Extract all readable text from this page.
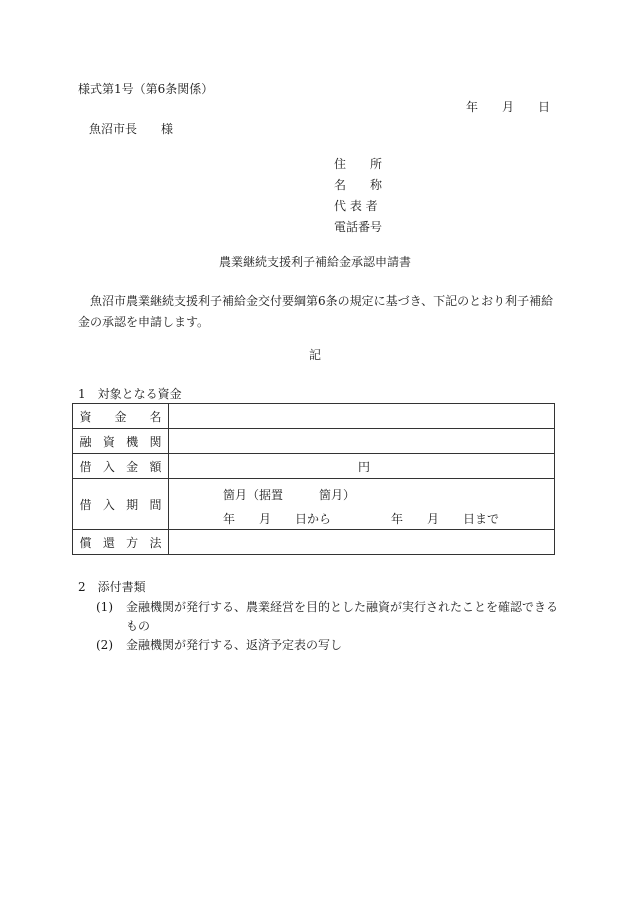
様式第1号（第6条関係）
年 月 日
魚沼市長　　様
住　　所
名　　称
代 表 者
電話番号
農業継続支援利子補給金承認申請書
魚沼市農業継続支援利子補給金交付要綱第6条の規定に基づき、下記のとおり利子補給金の承認を申請します。
記
1　対象となる資金
資金名	
融資機関	
借入金額	円

借入期間	箇月（据置　　　箇月）
年　　月　　日から　　　　　年　　月　　日まで

償還方法	
2　添付書類
(1) 金融機関が発行する、農業経営を目的とした融資が実行されたことを確認できるもの
(2) 金融機関が発行する、返済予定表の写し
